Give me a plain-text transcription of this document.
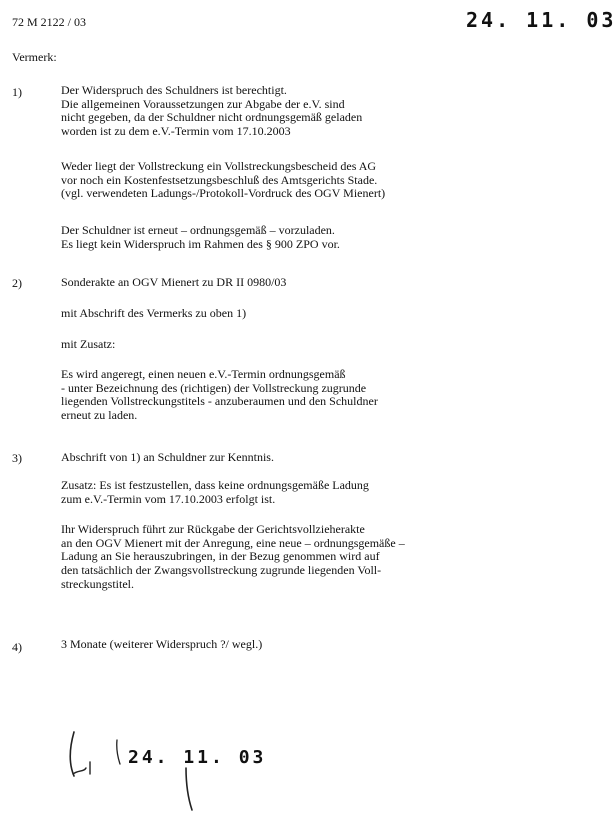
72 M 2122 / 03	24. 11. 03
Vermerk:
1)	Der Widerspruch des Schuldners ist berechtigt.
Die allgemeinen Voraussetzungen zur Abgabe der e.V. sind
nicht gegeben, da der Schuldner nicht ordnungsgemäß geladen
worden ist zu dem e.V.-Termin vom 17.10.2003
Weder liegt der Vollstreckung ein Vollstreckungsbescheid des AG
vor noch ein Kostenfestsetzungsbeschluß des Amtsgerichts Stade.
(vgl. verwendeten Ladungs-/Protokoll-Vordruck des OGV Mienert)
Der Schuldner ist erneut – ordnungsgemäß – vorzuladen.
Es liegt kein Widerspruch im Rahmen des § 900 ZPO vor.
2)	Sonderakte an OGV Mienert zu DR II 0980/03
mit Abschrift des Vermerks zu oben 1)
mit Zusatz:
Es wird angeregt, einen neuen e.V.-Termin ordnungsgemäß
- unter Bezeichnung des (richtigen) der Vollstreckung zugrunde
liegenden Vollstreckungstitels - anzuberaumen und den Schuldner
erneut zu laden.
3)	Abschrift von 1) an Schuldner zur Kenntnis.
Zusatz: Es ist festzustellen, dass keine ordnungsgemäße Ladung
zum e.V.-Termin vom 17.10.2003 erfolgt ist.
Ihr Widerspruch führt zur Rückgabe der Gerichtsvollzieherakte
an den OGV Mienert mit der Anregung, eine neue – ordnungsgemäße –
Ladung an Sie herauszubringen, in der Bezug genommen wird auf
den tatsächlich der Zwangsvollstreckung zugrunde liegenden Voll-
streckungstitel.
4)	3 Monate (weiterer Widerspruch ?/ wegl.)
24. 11. 03
